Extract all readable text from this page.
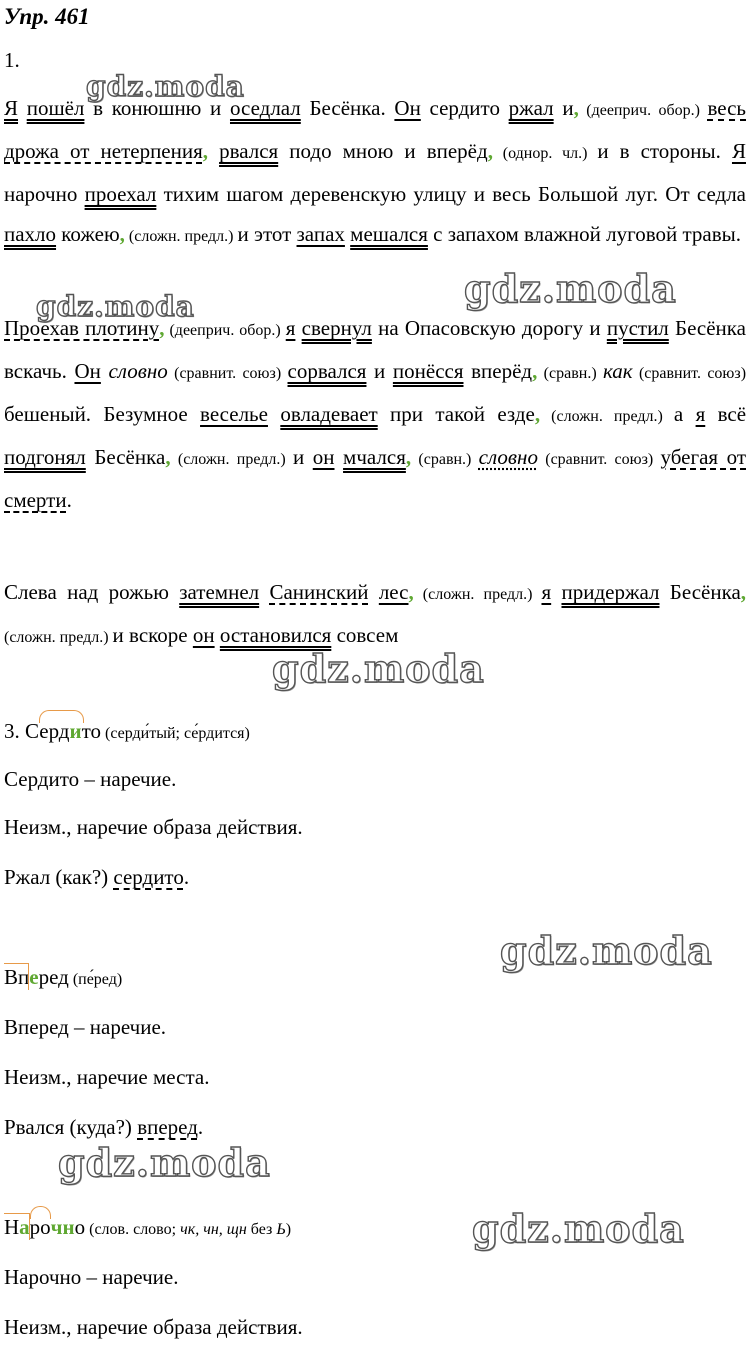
Упр. 461
1.
Я пошёл в конюшню и оседлал Бесёнка. Он сердито ржал и, (дееприч. обор.) весь дрожа от нетерпения, рвался подо мною и вперёд, (однор. чл.) и в стороны. Я нарочно проехал тихим шагом деревенскую улицу и весь Большой луг. От седла пахло кожею, (сложн. предл.) и этот запах мешался с запахом влажной луговой травы.
Проехав плотину, (дееприч. обор.) я свернул на Опасовскую дорогу и пустил Бесёнка вскачь. Он словно (сравнит. союз) сорвался и понёсся вперёд, (сравн.) как (сравнит. союз) бешеный. Безумное веселье овладевает при такой езде, (сложн. предл.) а я всё подгонял Бесёнка, (сложн. предл.) и он мчался, (сравн.) словно (сравнит. союз) убегая от смерти.
Слева над рожью затемнел Санинский лес, (сложн. предл.) я придержал Бесёнка, (сложн. предл.) и вскоре он остановился совсем
3. Серди
то (серди́тый; се́рдится)
Сердито – наречие.
Неизм., наречие образа действия.
Ржал (как?) сердито.
Вп
еред (пе́ред)
Вперед – наречие.
Неизм., наречие места.
Рвался (куда?) вперед.
На
ро
чно (слов. слово; чк, чн, щн без Ь)
Нарочно – наречие.
Неизм., наречие образа действия.
gdz.moda
gdz.moda
gdz.moda
gdz.moda
gdz.moda
gdz.moda
gdz.moda
